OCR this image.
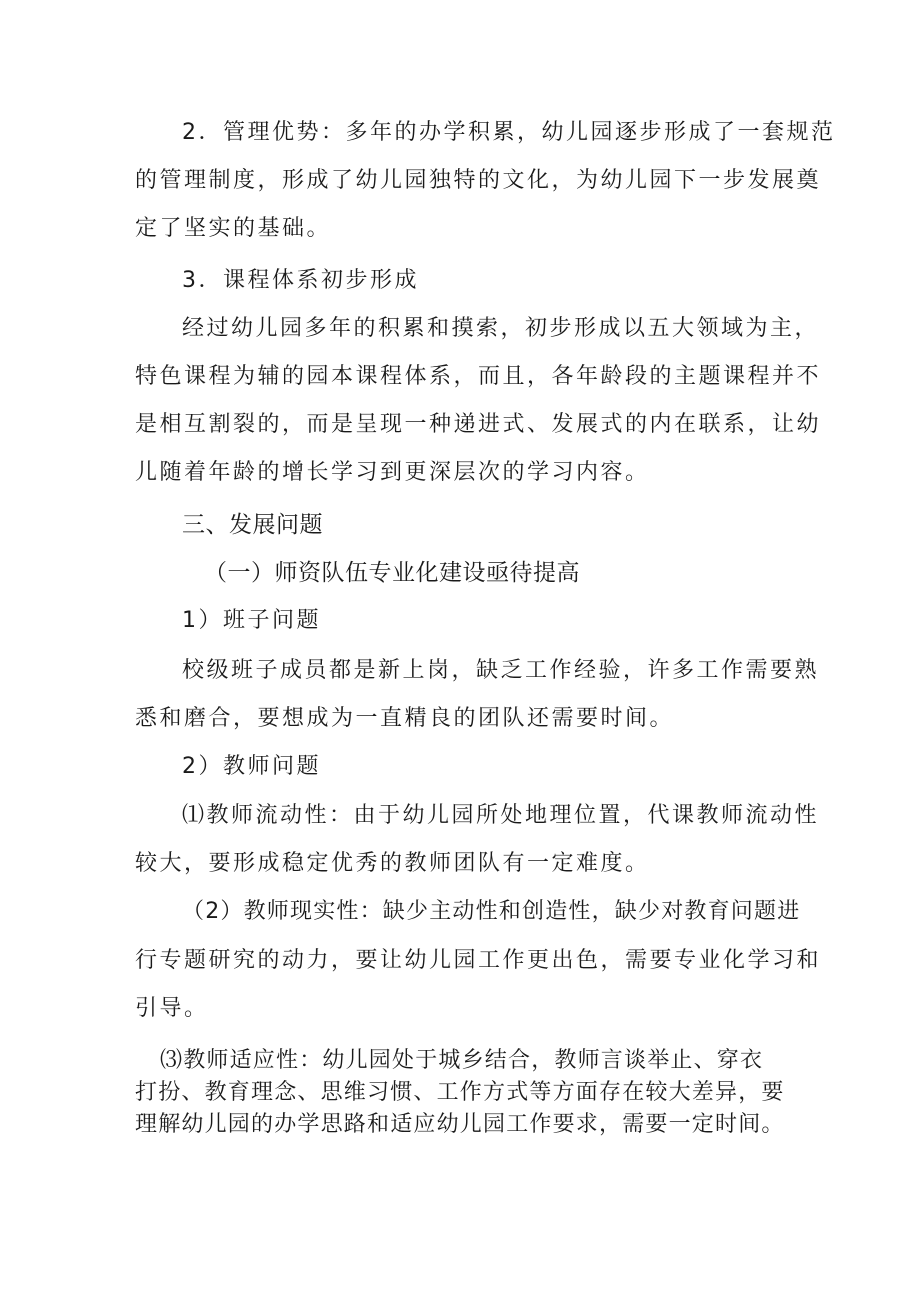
2．管理优势：多年的办学积累，幼儿园逐步形成了一套规范
的管理制度，形成了幼儿园独特的文化，为幼儿园下一步发展奠
定了坚实的基础。
3．课程体系初步形成
经过幼儿园多年的积累和摸索，初步形成以五大领域为主，
特色课程为辅的园本课程体系，而且，各年龄段的主题课程并不
是相互割裂的，而是呈现一种递进式、发展式的内在联系，让幼
儿随着年龄的增长学习到更深层次的学习内容。
三、发展问题
（一）师资队伍专业化建设亟待提高
1）班子问题
校级班子成员都是新上岗，缺乏工作经验，许多工作需要熟
悉和磨合，要想成为一直精良的团队还需要时间。
2）教师问题
⑴教师流动性：由于幼儿园所处地理位置，代课教师流动性
较大，要形成稳定优秀的教师团队有一定难度。
（2）教师现实性：缺少主动性和创造性，缺少对教育问题进
行专题研究的动力，要让幼儿园工作更出色，需要专业化学习和
引导。
⑶教师适应性：幼儿园处于城乡结合，教师言谈举止、穿衣
打扮、教育理念、思维习惯、工作方式等方面存在较大差异，要
理解幼儿园的办学思路和适应幼儿园工作要求，需要一定时间。
